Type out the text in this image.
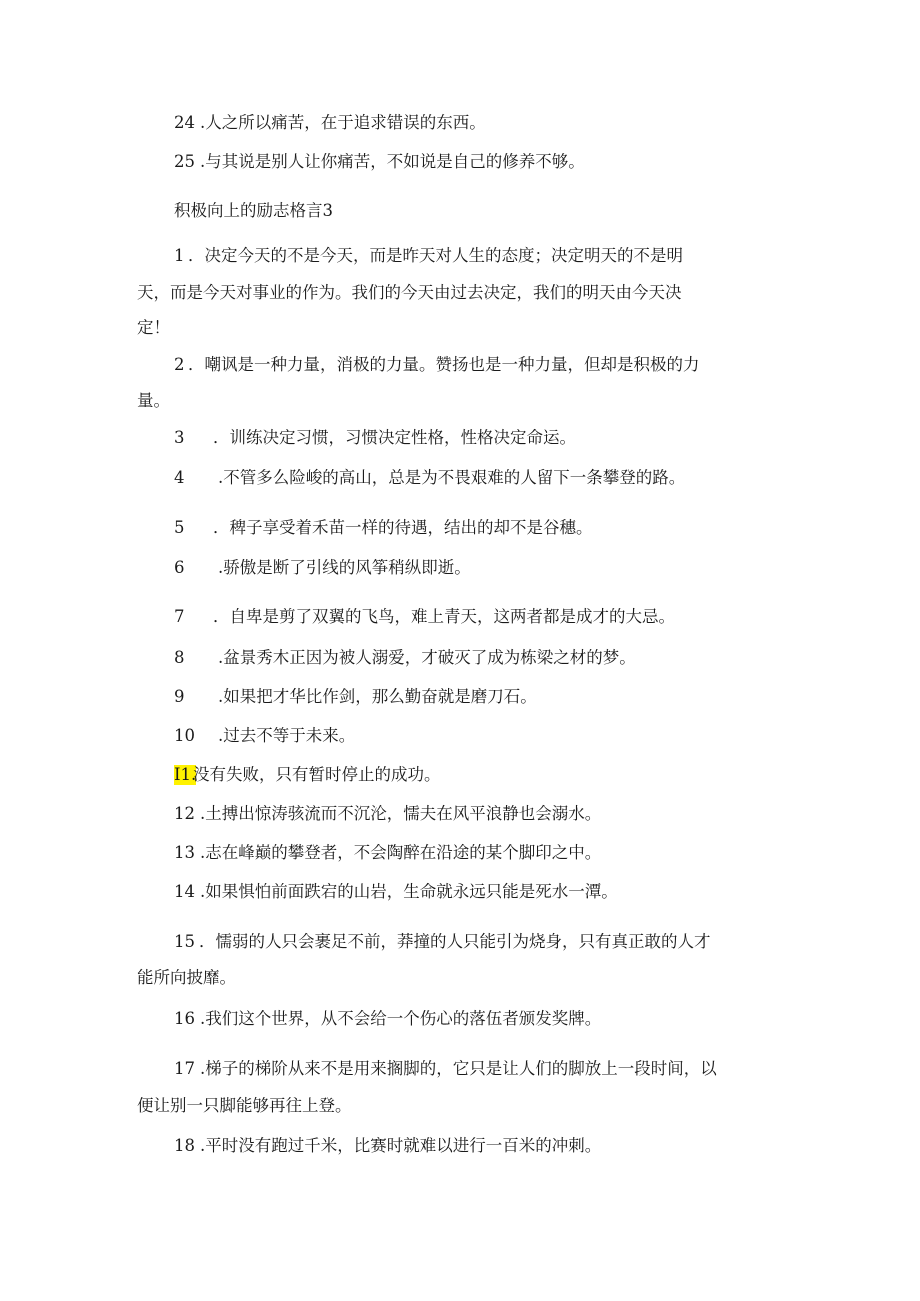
24 .人之所以痛苦，在于追求错误的东西。
25 .与其说是别人让你痛苦，不如说是自己的修养不够。
积极向上的励志格言3
1 ．决定今天的不是今天，而是昨天对人生的态度；决定明天的不是明
天，而是今天对事业的作为。我们的今天由过去决定，我们的明天由今天决
定！
2 ．嘲讽是一种力量，消极的力量。赞扬也是一种力量，但却是积极的力
量。
3 ．训练决定习惯，习惯决定性格，性格决定命运。
4 .不管多么险峻的高山，总是为不畏艰难的人留下一条攀登的路。
5 ．稗子享受着禾苗一样的待遇，结出的却不是谷穗。
6 .骄傲是断了引线的风筝稍纵即逝。
7 ．自卑是剪了双翼的飞鸟，难上青天，这两者都是成才的大忌。
8 .盆景秀木正因为被人溺爱，才破灭了成为栋梁之材的梦。
9 .如果把才华比作剑，那么勤奋就是磨刀石。
10 .过去不等于未来。
I1.
没有失败，只有暂时停止的成功。
12 .土搏出惊涛骇流而不沉沦，懦夫在风平浪静也会溺水。
13 .志在峰巅的攀登者，不会陶醉在沿途的某个脚印之中。
14 .如果惧怕前面跌宕的山岩，生命就永远只能是死水一潭。
15 ．懦弱的人只会裹足不前，莽撞的人只能引为烧身，只有真正敢的人才
能所向披靡。
16 .我们这个世界，从不会给一个伤心的落伍者颁发奖牌。
17 .梯子的梯阶从来不是用来搁脚的，它只是让人们的脚放上一段时间，以
便让别一只脚能够再往上登。
18 .平时没有跑过千米，比赛时就难以进行一百米的冲刺。
